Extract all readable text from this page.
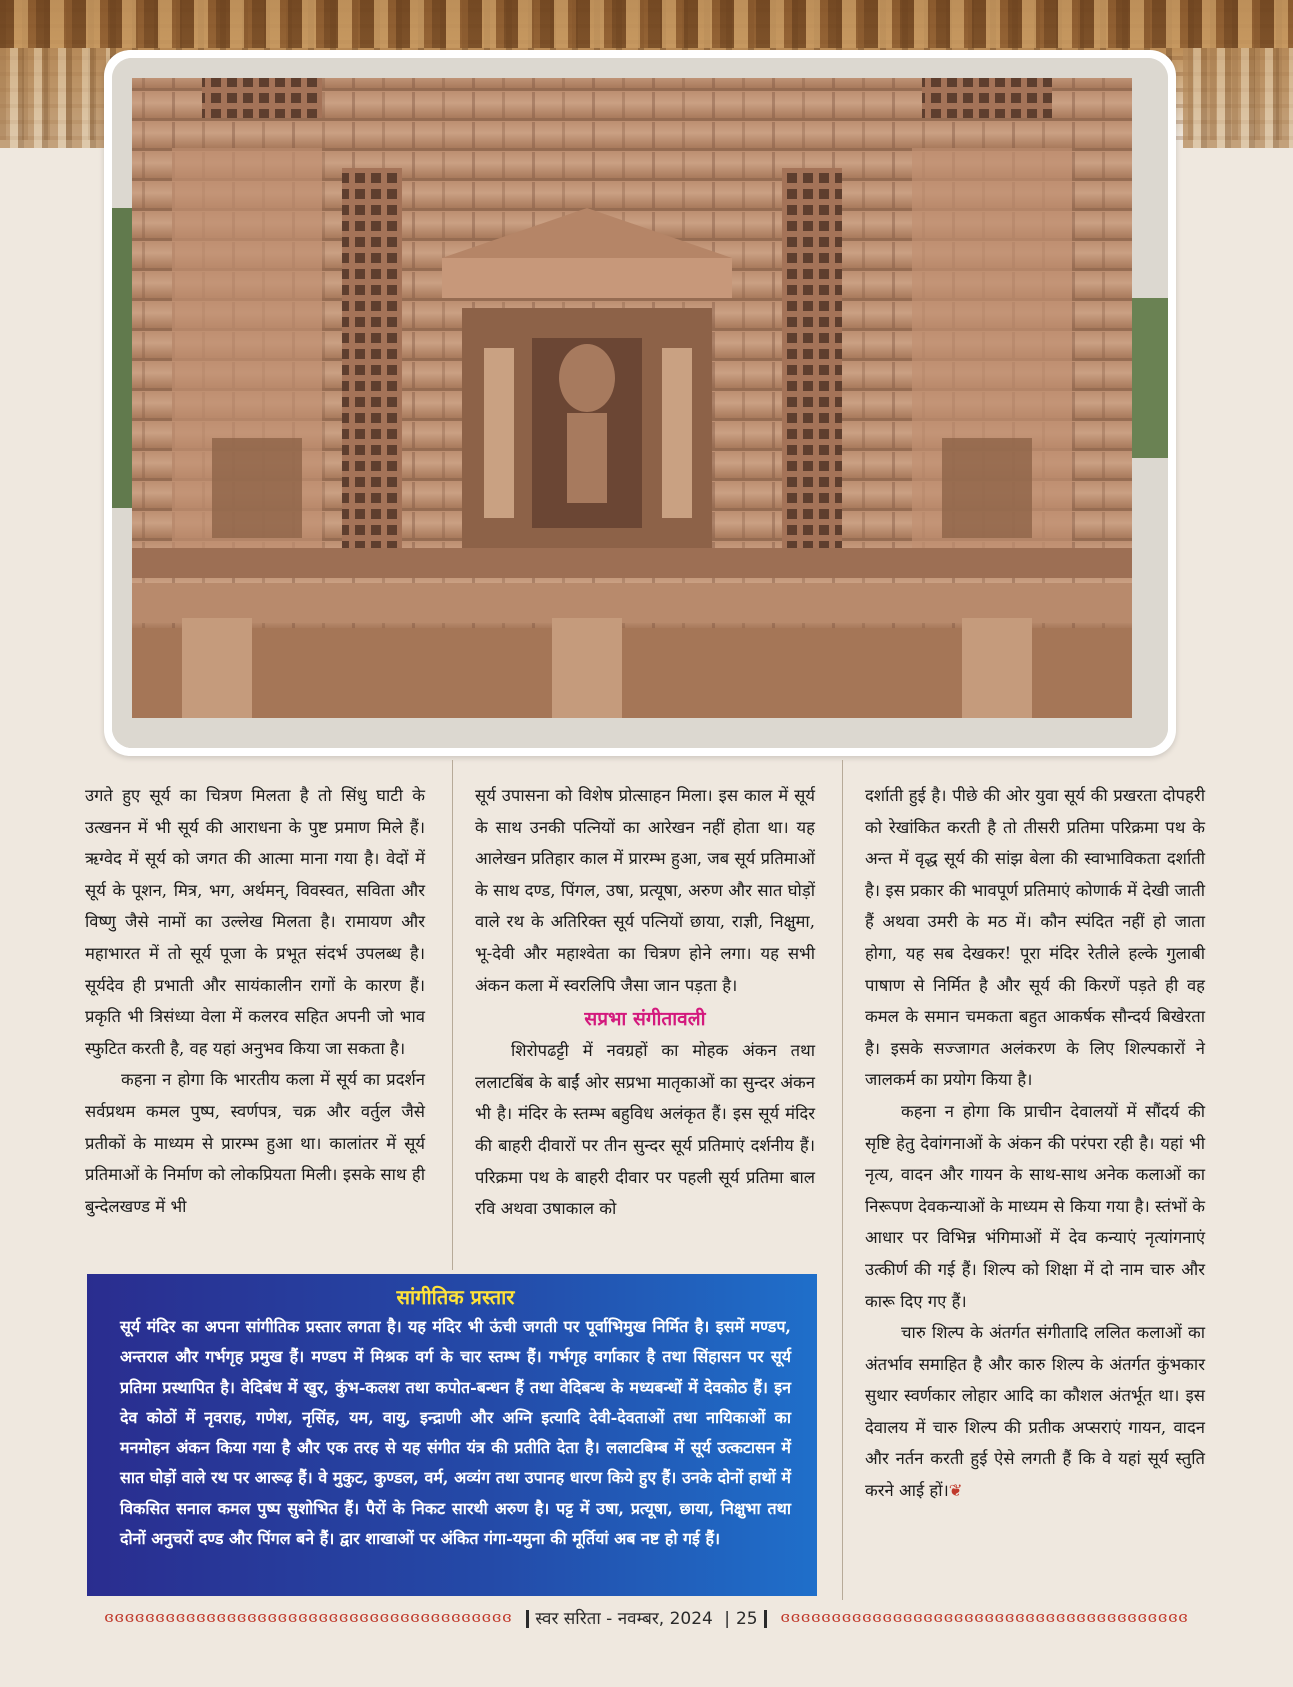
उगते हुए सूर्य का चित्रण मिलता है तो सिंधु घाटी के उत्खनन में भी सूर्य की आराधना के पुष्ट प्रमाण मिले हैं। ऋग्वेद में सूर्य को जगत की आत्मा माना गया है। वेदों में सूर्य के पूशन, मित्र, भग, अर्थमन्, विवस्वत, सविता और विष्णु जैसे नामों का उल्लेख मिलता है। रामायण और महाभारत में तो सूर्य पूजा के प्रभूत संदर्भ उपलब्ध है। सूर्यदेव ही प्रभाती और सायंकालीन रागों के कारण हैं। प्रकृति भी त्रिसंध्या वेला में कलरव सहित अपनी जो भाव स्फुटित करती है, वह यहां अनुभव किया जा सकता है।

कहना न होगा कि भारतीय कला में सूर्य का प्रदर्शन सर्वप्रथम कमल पुष्प, स्वर्णपत्र, चक्र और वर्तुल जैसे प्रतीकों के माध्यम से प्रारम्भ हुआ था। कालांतर में सूर्य प्रतिमाओं के निर्माण को लोकप्रियता मिली। इसके साथ ही बुन्देलखण्ड में भी

सूर्य उपासना को विशेष प्रोत्साहन मिला। इस काल में सूर्य के साथ उनकी पत्नियों का आरेखन नहीं होता था। यह आलेखन प्रतिहार काल में प्रारम्भ हुआ, जब सूर्य प्रतिमाओं के साथ दण्ड, पिंगल, उषा, प्रत्यूषा, अरुण और सात घोड़ों वाले रथ के अतिरिक्त सूर्य पत्नियों छाया, राज्ञी, निक्षुमा, भू-देवी और महाश्वेता का चित्रण होने लगा। यह सभी अंकन कला में स्वरलिपि जैसा जान पड़ता है।

सप्रभा संगीतावली

शिरोपढट्टी में नवग्रहों का मोहक अंकन तथा ललाटबिंब के बाईं ओर सप्रभा मातृकाओं का सुन्दर अंकन भी है। मंदिर के स्तम्भ बहुविध अलंकृत हैं। इस सूर्य मंदिर की बाहरी दीवारों पर तीन सुन्दर सूर्य प्रतिमाएं दर्शनीय हैं। परिक्रमा पथ के बाहरी दीवार पर पहली सूर्य प्रतिमा बाल रवि अथवा उषाकाल को

दर्शाती हुई है। पीछे की ओर युवा सूर्य की प्रखरता दोपहरी को रेखांकित करती है तो तीसरी प्रतिमा परिक्रमा पथ के अन्त में वृद्ध सूर्य की सांझ बेला की स्वाभाविकता दर्शाती है। इस प्रकार की भावपूर्ण प्रतिमाएं कोणार्क में देखी जाती हैं अथवा उमरी के मठ में। कौन स्पंदित नहीं हो जाता होगा, यह सब देखकर! पूरा मंदिर रेतीले हल्के गुलाबी पाषाण से निर्मित है और सूर्य की किरणें पड़ते ही वह कमल के समान चमकता बहुत आकर्षक सौन्दर्य बिखेरता है। इसके सज्जागत अलंकरण के लिए शिल्पकारों ने जालकर्म का प्रयोग किया है।

कहना न होगा कि प्राचीन देवालयों में सौंदर्य की सृष्टि हेतु देवांगनाओं के अंकन की परंपरा रही है। यहां भी नृत्य, वादन और गायन के साथ-साथ अनेक कलाओं का निरूपण देवकन्याओं के माध्यम से किया गया है। स्तंभों के आधार पर विभिन्न भंगिमाओं में देव कन्याएं नृत्यांगनाएं उत्कीर्ण की गई हैं। शिल्प को शिक्षा में दो नाम चारु और कारू दिए गए हैं।

चारु शिल्प के अंतर्गत संगीतादि ललित कलाओं का अंतर्भाव समाहित है और कारु शिल्प के अंतर्गत कुंभकार सुथार स्वर्णकार लोहार आदि का कौशल अंतर्भूत था। इस देवालय में चारु शिल्प की प्रतीक अप्सराएं गायन, वादन और नर्तन करती हुई ऐसे लगती हैं कि वे यहां सूर्य स्तुति करने आई हों।❦

सांगीतिक प्रस्तार

सूर्य मंदिर का अपना सांगीतिक प्रस्तार लगता है। यह मंदिर भी ऊंची जगती पर पूर्वाभिमुख निर्मित है। इसमें मण्डप, अन्तराल और गर्भगृह प्रमुख हैं। मण्डप में मिश्रक वर्ग के चार स्तम्भ हैं। गर्भगृह वर्गाकार है तथा सिंहासन पर सूर्य प्रतिमा प्रस्थापित है। वेदिबंध में खुर, कुंभ-कलश तथा कपोत-बन्धन हैं तथा वेदिबन्ध के मध्यबन्धों में देवकोठ हैं। इन देव कोठों में नृवराह, गणेश, नृसिंह, यम, वायु, इन्द्राणी और अग्नि इत्यादि देवी-देवताओं तथा नायिकाओं का मनमोहन अंकन किया गया है और एक तरह से यह संगीत यंत्र की प्रतीति देता है। ललाटबिम्ब में सूर्य उत्कटासन में सात घोड़ों वाले रथ पर आरूढ़ हैं। वे मुकुट, कुण्डल, वर्म, अव्यंग तथा उपानह धारण किये हुए हैं। उनके दोनों हाथों में विकसित सनाल कमल पुष्प सुशोभित हैं। पैरों के निकट सारथी अरुण है। पट्ट में उषा, प्रत्यूषा, छाया, निक्षुभा तथा दोनों अनुचरों दण्ड और पिंगल बने हैं। द्वार शाखाओं पर अंकित गंगा-यमुना की मूर्तियां अब नष्ट हो गई हैं।

ɞɞɞɞɞɞɞɞɞɞɞɞɞɞɞɞɞɞɞɞɞɞɞɞɞɞɞɞɞɞɞɞɞɞɞɞɞɞɞɞ	स्वर सरिता - नवम्बर, 2024 | 25	ɞɞɞɞɞɞɞɞɞɞɞɞɞɞɞɞɞɞɞɞɞɞɞɞɞɞɞɞɞɞɞɞɞɞɞɞɞɞɞɞ
